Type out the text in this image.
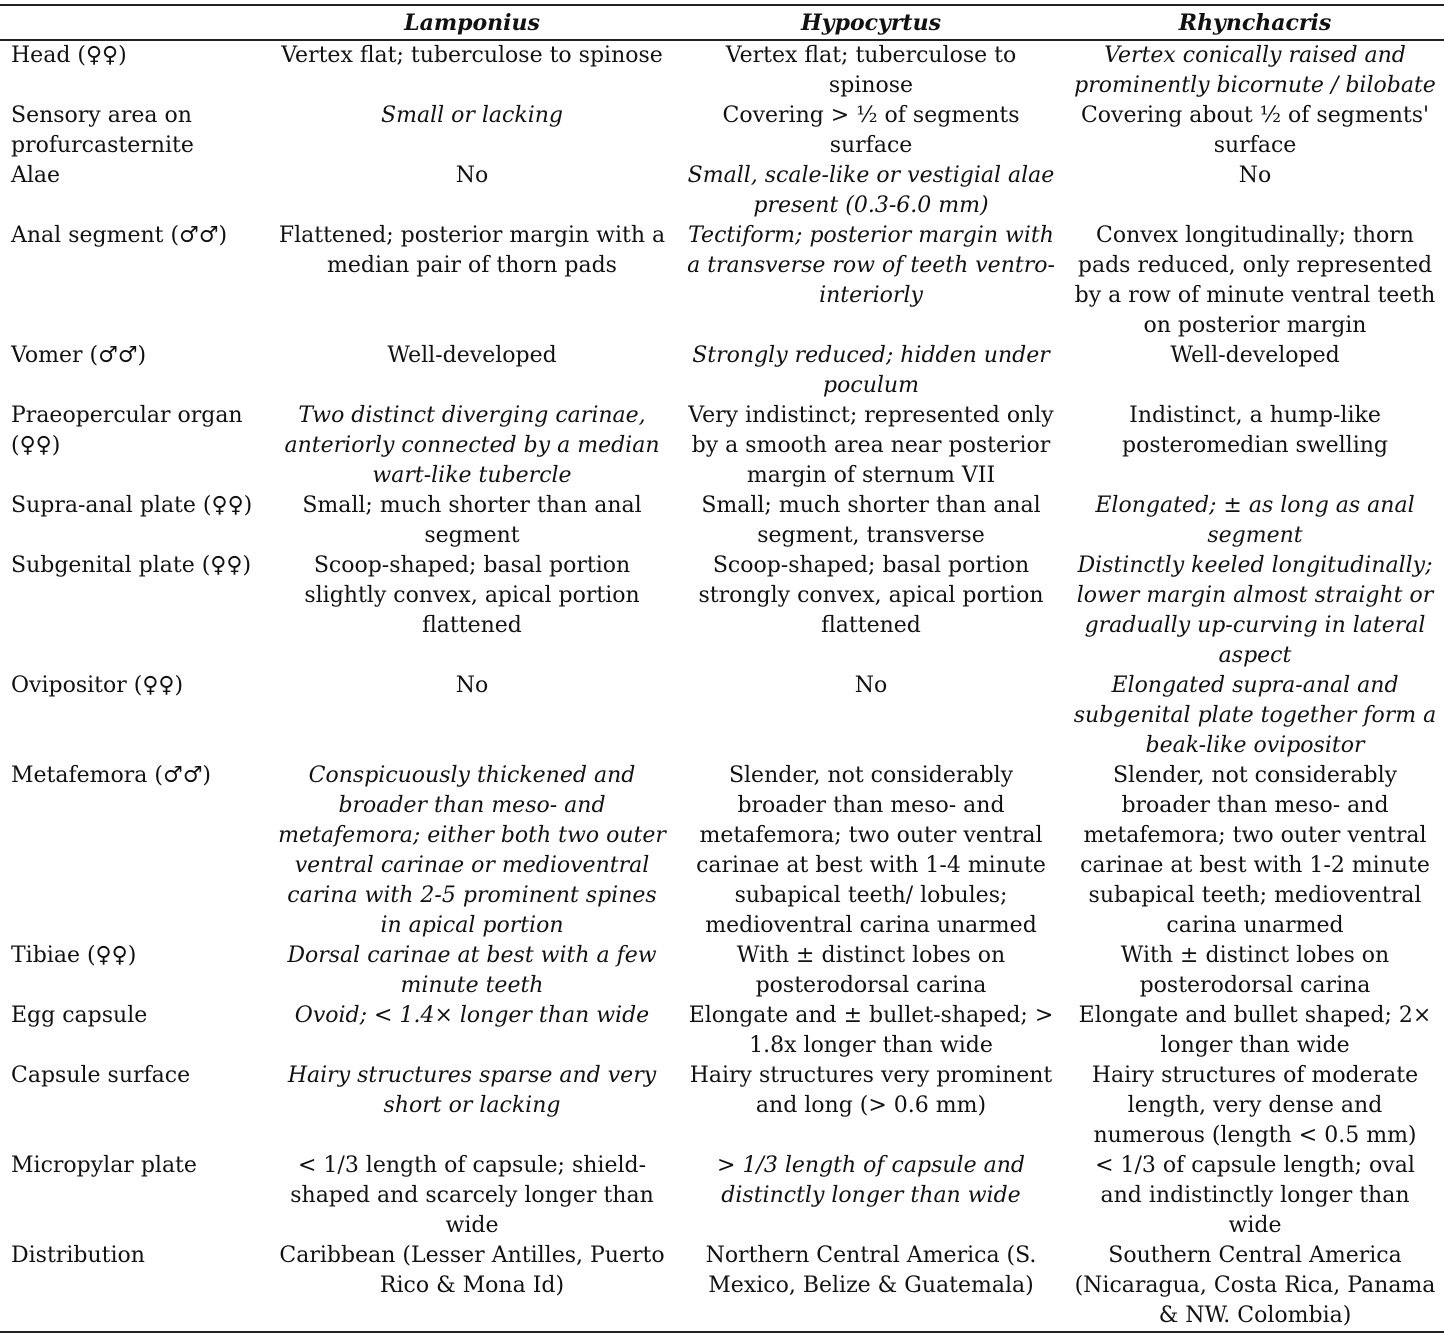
	Lamponius	Hypocyrtus	Rhynchacris
Head (♀♀)	Vertex flat; tuberculose to spinose	Vertex flat; tuberculose to spinose	Vertex conically raised and prominently bicornute / bilobate
Sensory area on profurcasternite	Small or lacking	Covering > ½ of segments surface	Covering about ½ of segments' surface
Alae	No	Small, scale-like or vestigial alae present (0.3-6.0 mm)	No
Anal segment (♂♂)	Flattened; posterior margin with a median pair of thorn pads	Tectiform; posterior margin with a transverse row of teeth ventro-interiorly	Convex longitudinally; thorn pads reduced, only represented by a row of minute ventral teeth on posterior margin
Vomer (♂♂)	Well-developed	Strongly reduced; hidden under poculum	Well-developed
Praeopercular organ (♀♀)	Two distinct diverging carinae, anteriorly connected by a median wart-like tubercle	Very indistinct; represented only by a smooth area near posterior margin of sternum VII	Indistinct, a hump-like posteromedian swelling
Supra-anal plate (♀♀)	Small; much shorter than anal segment	Small; much shorter than anal segment, transverse	Elongated; ± as long as anal segment
Subgenital plate (♀♀)	Scoop-shaped; basal portion slightly convex, apical portion flattened	Scoop-shaped; basal portion strongly convex, apical portion flattened	Distinctly keeled longitudinally; lower margin almost straight or gradually up-curving in lateral aspect
Ovipositor (♀♀)	No	No	Elongated supra-anal and subgenital plate together form a beak-like ovipositor
Metafemora (♂♂)	Conspicuously thickened and broader than meso- and metafemora; either both two outer ventral carinae or medioventral carina with 2-5 prominent spines in apical portion	Slender, not considerably broader than meso- and metafemora; two outer ventral carinae at best with 1-4 minute subapical teeth/ lobules; medioventral carina unarmed	Slender, not considerably broader than meso- and metafemora; two outer ventral carinae at best with 1-2 minute subapical teeth; medioventral carina unarmed
Tibiae (♀♀)	Dorsal carinae at best with a few minute teeth	With ± distinct lobes on posterodorsal carina	With ± distinct lobes on posterodorsal carina
Egg capsule	Ovoid; < 1.4× longer than wide	Elongate and ± bullet-shaped; > 1.8x longer than wide	Elongate and bullet shaped; 2× longer than wide
Capsule surface	Hairy structures sparse and very short or lacking	Hairy structures very prominent and long (> 0.6 mm)	Hairy structures of moderate length, very dense and numerous (length < 0.5 mm)
Micropylar plate	< 1/3 length of capsule; shield-shaped and scarcely longer than wide	> 1/3 length of capsule and distinctly longer than wide	< 1/3 of capsule length; oval and indistinctly longer than wide
Distribution	Caribbean (Lesser Antilles, Puerto Rico & Mona Id)	Northern Central America (S. Mexico, Belize & Guatemala)	Southern Central America (Nicaragua, Costa Rica, Panama & NW. Colombia)
